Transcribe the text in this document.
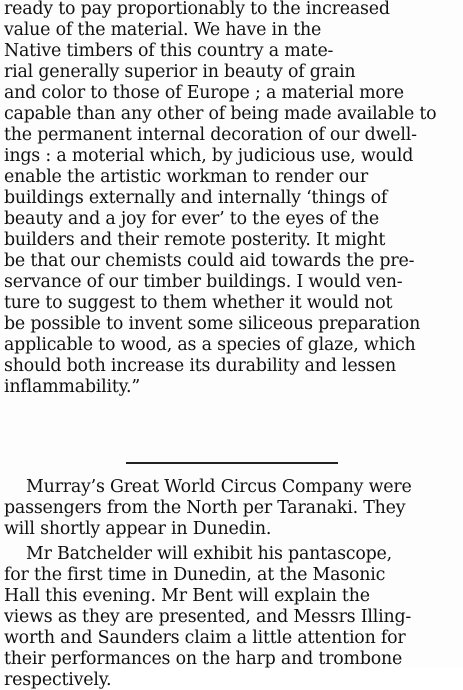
ready to pay proportionably to the increased
value of the material. We have in the
Native timbers of this country a mate-
rial generally superior in beauty of grain
and color to those of Europe ; a material more
capable than any other of being made available to
the permanent internal decoration of our dwell-
ings : a moterial which, by judicious use, would
enable the artistic workman to render our
buildings externally and internally ‘things of
beauty and a joy for ever’ to the eyes of the
builders and their remote posterity. It might
be that our chemists could aid towards the pre-
servance of our timber buildings. I would ven-
ture to suggest to them whether it would not
be possible to invent some siliceous preparation
applicable to wood, as a species of glaze, which
should both increase its durability and lessen
inflammability.”
Murray’s Great World Circus Company were
passengers from the North per Taranaki. They
will shortly appear in Dunedin.
Mr Batchelder will exhibit his pantascope,
for the first time in Dunedin, at the Masonic
Hall this evening. Mr Bent will explain the
views as they are presented, and Messrs Illing-
worth and Saunders claim a little attention for
their performances on the harp and trombone
respectively.
